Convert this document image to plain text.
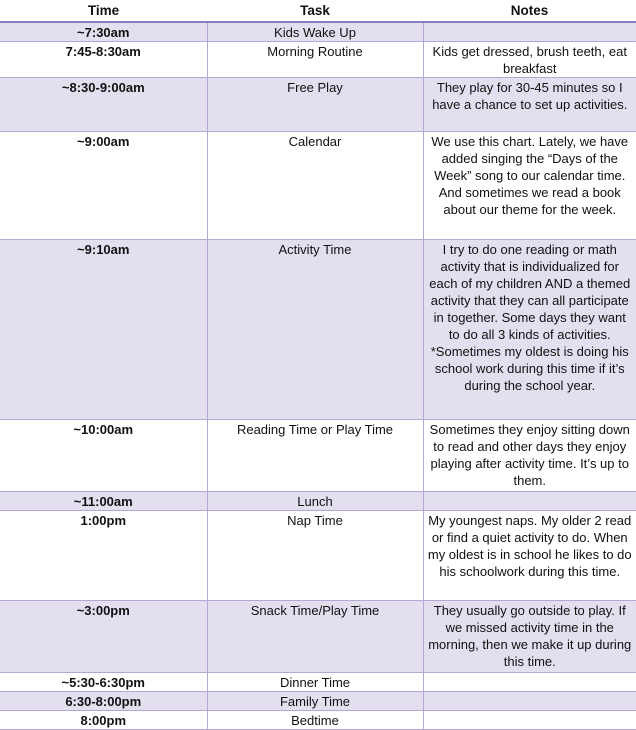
Time	Task	Notes
~7:30am	Kids Wake Up	
7:45-8:30am	Morning Routine	Kids get dressed, brush teeth, eat breakfast

~8:30-9:00am	Free Play	They play for 30-45 minutes so I have a chance to set up activities.

~9:00am	Calendar	We use this chart. Lately, we have added singing the “Days of the Week” song to our calendar time. And sometimes we read a book about our theme for the week.

~9:10am	Activity Time	I try to do one reading or math activity that is individualized for each of my children AND a themed activity that they can all participate in together. Some days they want to do all 3 kinds of activities.
*Sometimes my oldest is doing his school work during this time if it’s during the school year.

~10:00am	Reading Time or Play Time	Sometimes they enjoy sitting down to read and other days they enjoy playing after activity time. It’s up to them.

~11:00am	Lunch	
1:00pm	Nap Time	My youngest naps. My older 2 read or find a quiet activity to do. When my oldest is in school he likes to do his schoolwork during this time.

~3:00pm	Snack Time/Play Time	They usually go outside to play. If we missed activity time in the morning, then we make it up during this time.

~5:30-6:30pm	Dinner Time	
6:30-8:00pm	Family Time	
8:00pm	Bedtime	
